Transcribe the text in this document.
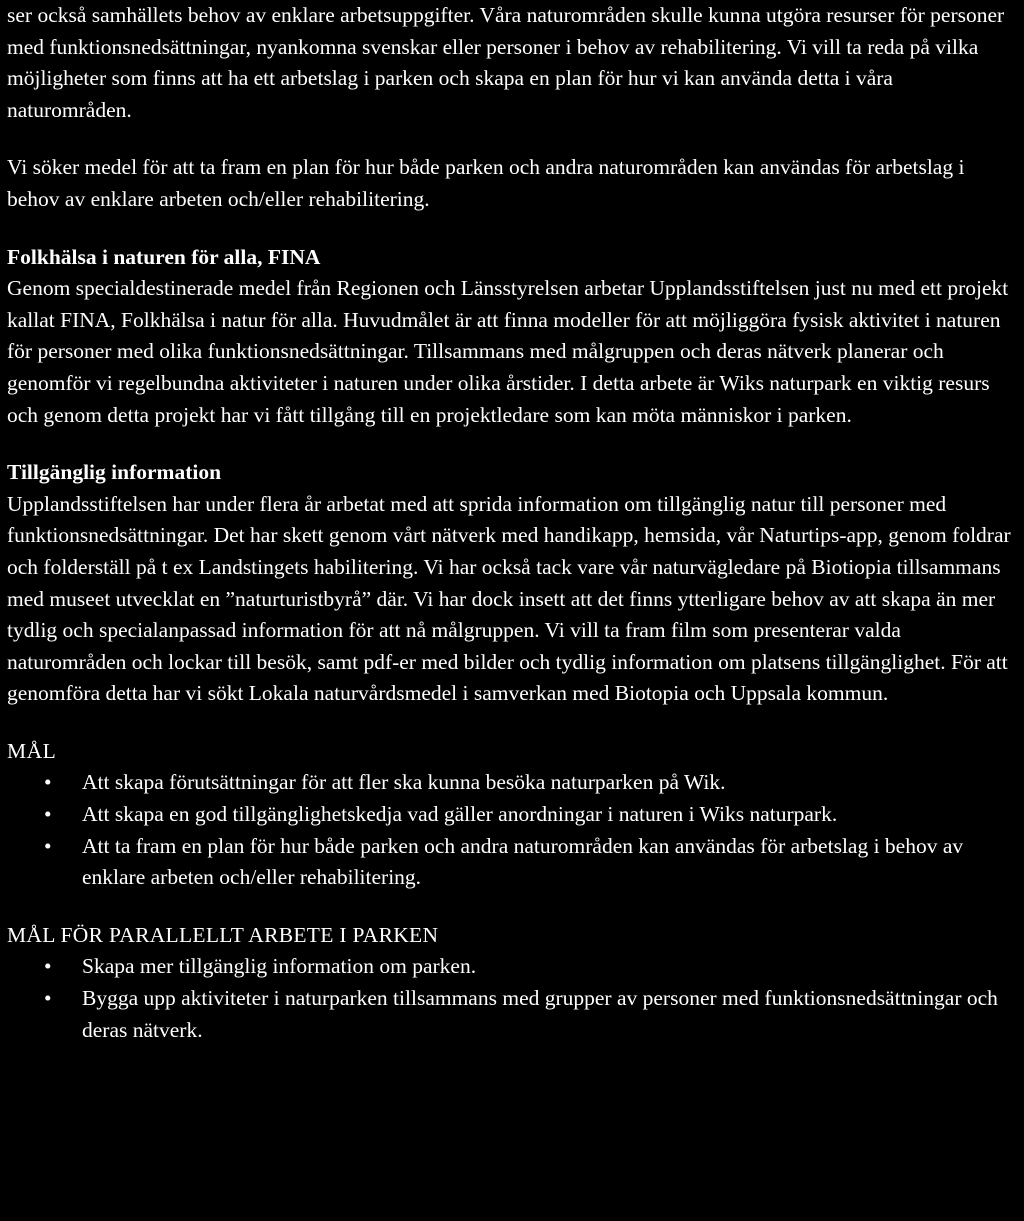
ser också samhällets behov av enklare arbetsuppgifter. Våra naturområden skulle kunna utgöra resurser för personer med funktionsnedsättningar, nyankomna svenskar eller personer i behov av rehabilitering. Vi vill ta reda på vilka möjligheter som finns att ha ett arbetslag i parken och skapa en plan för hur vi kan använda detta i våra naturområden.

Vi söker medel för att ta fram en plan för hur både parken och andra naturområden kan användas för arbetslag i behov av enklare arbeten och/eller rehabilitering.

Folkhälsa i naturen för alla, FINA

Genom specialdestinerade medel från Regionen och Länsstyrelsen arbetar Upplandsstiftelsen just nu med ett projekt kallat FINA, Folkhälsa i natur för alla. Huvudmålet är att finna modeller för att möjliggöra fysisk aktivitet i naturen för personer med olika funktionsnedsättningar. Tillsammans med målgruppen och deras nätverk planerar och genomför vi regelbundna aktiviteter i naturen under olika årstider. I detta arbete är Wiks naturpark en viktig resurs och genom detta projekt har vi fått tillgång till en projektledare som kan möta människor i parken.

Tillgänglig information

Upplandsstiftelsen har under flera år arbetat med att sprida information om tillgänglig natur till personer med funktionsnedsättningar. Det har skett genom vårt nätverk med handikapp, hemsida, vår Naturtips-app, genom foldrar och folderställ på t ex Landstingets habilitering. Vi har också tack vare vår naturvägledare på Biotiopia tillsammans med museet utvecklat en ”naturturistbyrå” där. Vi har dock insett att det finns ytterligare behov av att skapa än mer tydlig och specialanpassad information för att nå målgruppen. Vi vill ta fram film som presenterar valda naturområden och lockar till besök, samt pdf-er med bilder och tydlig information om platsens tillgänglighet. För att genomföra detta har vi sökt Lokala naturvårdsmedel i samverkan med Biotopia och Uppsala kommun.

MÅL

• Att skapa förutsättningar för att fler ska kunna besöka naturparken på Wik.
• Att skapa en god tillgänglighetskedja vad gäller anordningar i naturen i Wiks naturpark.
• Att ta fram en plan för hur både parken och andra naturområden kan användas för arbetslag i behov av enklare arbeten och/eller rehabilitering.

MÅL FÖR PARALLELLT ARBETE I PARKEN

• Skapa mer tillgänglig information om parken.
• Bygga upp aktiviteter i naturparken tillsammans med grupper av personer med funktionsnedsättningar och deras nätverk.
